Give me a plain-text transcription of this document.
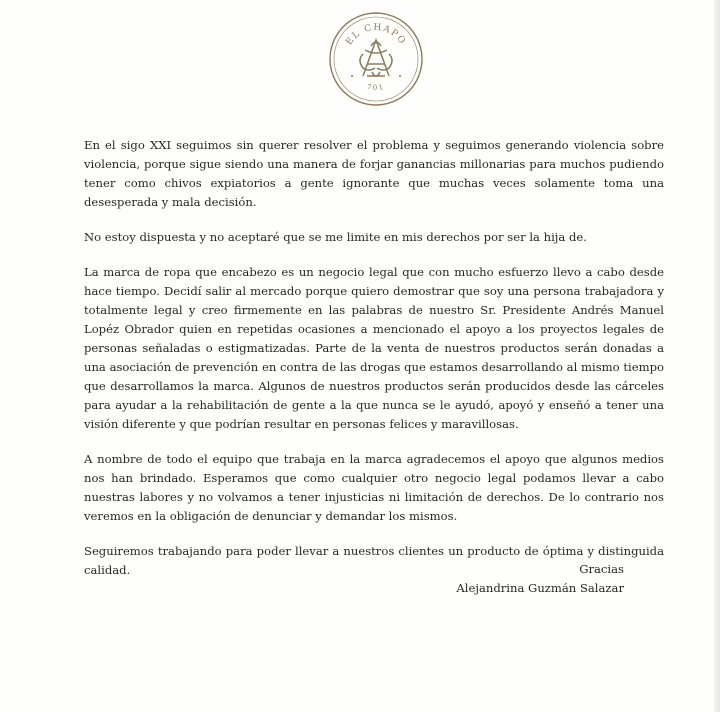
EL CHAPO
701

En el sigo XXI seguimos sin querer resolver el problema y seguimos generando violencia sobre violencia, porque sigue siendo una manera de forjar ganancias millonarias para muchos pudiendo tener como chivos expiatorios a gente ignorante que muchas veces solamente toma una desesperada y mala decisión.

No estoy dispuesta y no aceptaré que se me limite en mis derechos por ser la hija de.

La marca de ropa que encabezo es un negocio legal que con mucho esfuerzo llevo a cabo desde hace tiempo. Decidí salir al mercado porque quiero demostrar que soy una persona trabajadora y totalmente legal y creo firmemente en las palabras de nuestro Sr. Presidente Andrés Manuel Lopéz Obrador quien en repetidas ocasiones a mencionado el apoyo a los proyectos legales de personas señaladas o estigmatizadas. Parte de la venta de nuestros productos serán donadas a una asociación de prevención en contra de las drogas que estamos desarrollando al mismo tiempo que desarrollamos la marca. Algunos de nuestros productos serán producidos desde las cárceles para ayudar a la rehabilitación de gente a la que nunca se le ayudó, apoyó y enseñó a tener una visión diferente y que podrían resultar en personas felices y maravillosas.

A nombre de todo el equipo que trabaja en la marca agradecemos el apoyo que algunos medios nos han brindado. Esperamos que como cualquier otro negocio legal podamos llevar a cabo nuestras labores y no volvamos a tener injusticias ni limitación de derechos. De lo contrario nos veremos en la obligación de denunciar y demandar los mismos.

Seguiremos trabajando para poder llevar a nuestros clientes un producto de óptima y distinguida calidad.	Gracias
Alejandrina Guzmán Salazar
